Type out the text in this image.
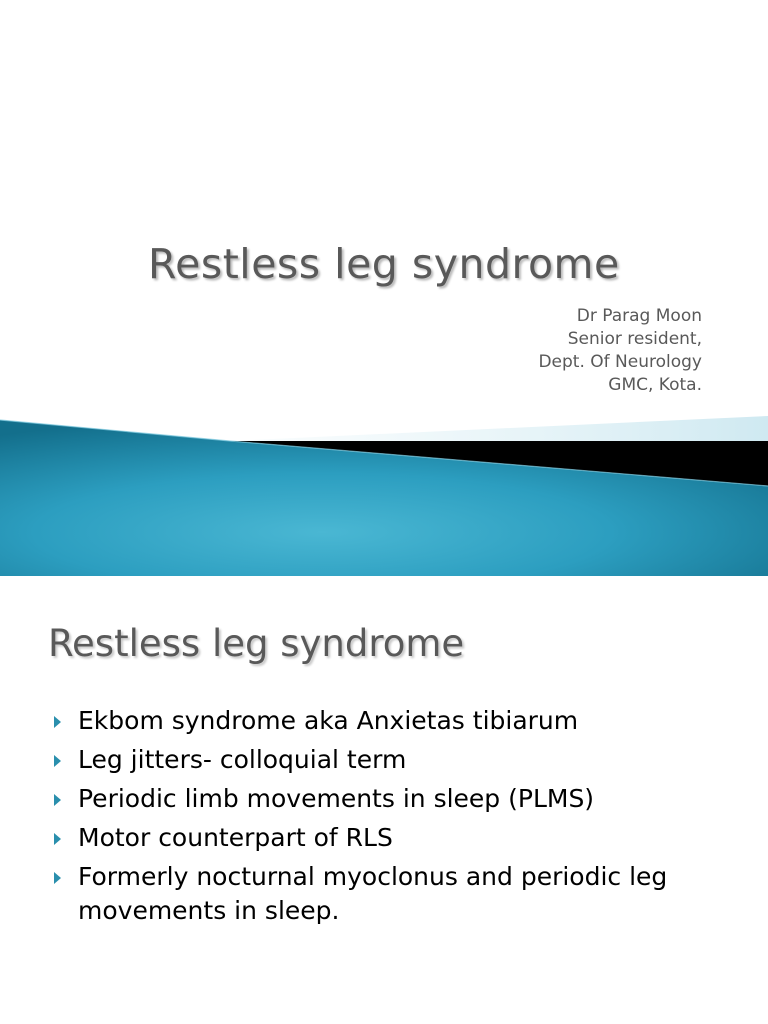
Restless leg syndrome
Dr Parag Moon
Senior resident,
Dept. Of Neurology
GMC, Kota.
Restless leg syndrome
Ekbom syndrome aka Anxietas tibiarum
Leg jitters- colloquial term
Periodic limb movements in sleep (PLMS)
Motor counterpart of RLS
Formerly nocturnal myoclonus and periodic leg movements in sleep.
